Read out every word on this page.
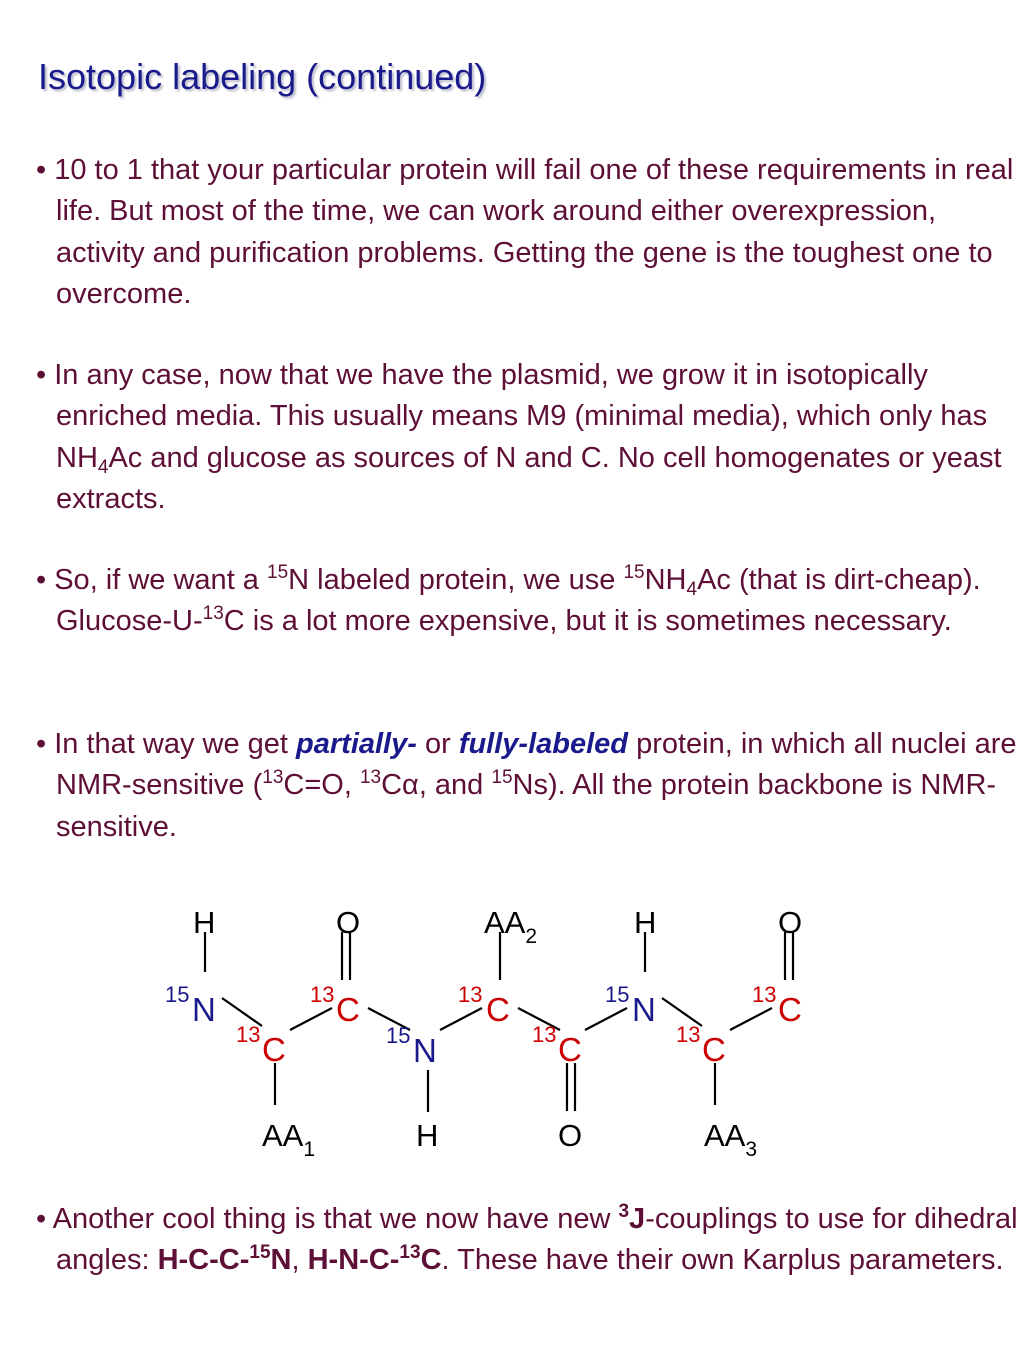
Isotopic labeling (continued)
• 10 to 1 that your particular protein will fail one of these requirements in real life. But most of the time, we can work around either overexpression, activity and purification problems. Getting the gene is the toughest one to overcome.
• In any case, now that we have the plasmid, we grow it in isotopically enriched media. This usually means M9 (minimal media), which only has $NH_4Ac$ and glucose as sources of N and C. No cell homogenates or yeast extracts.
• So, if we want a $^{15}$N labeled protein, we use $^{15}NH_4Ac$ (that is dirt-cheap). Glucose-U-$^{13}$C is a lot more expensive, but it is sometimes necessary.
• In that way we get partially- or fully-labeled protein, in which all nuclei are NMR-sensitive ($^{13}$C=O, $^{13}$Cα, and $^{15}$Ns). All the protein backbone is NMR-sensitive.
H	O	$AA_2$	H	O
15 N	13 C	13 C	15 N	13 C
13 C	15 N	13 C	13 C
$AA_1$	H	O	$AA_3$
• Another cool thing is that we now have new $^3$J-couplings to use for dihedral angles: H-C-C-$^{15}$N, H-N-C-$^{13}$C. These have their own Karplus parameters.
